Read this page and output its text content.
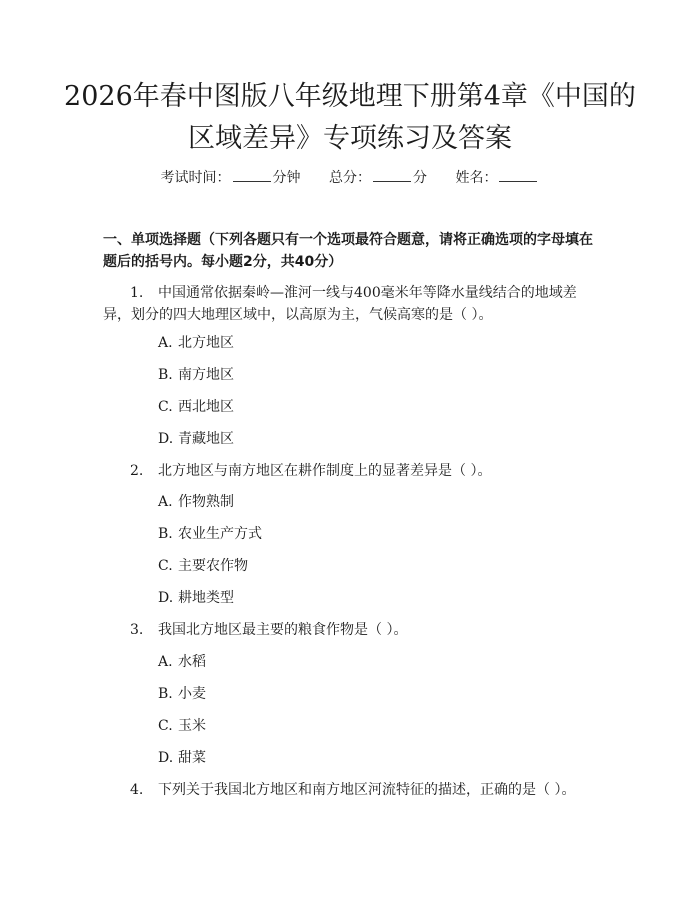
2026年春中图版八年级地理下册第4章《中国的区域差异》专项练习及答案
考试时间：	分钟 总分：	分 姓名：

一、单项选择题（下列各题只有一个选项最符合题意，请将正确选项的字母填在题后的括号内。每小题2分，共40分）

1. 中国通常依据秦岭—淮河一线与400毫米年等降水量线结合的地域差异，划分的四大地理区域中，以高原为主，气候高寒的是（ ）。

A. 北方地区
B. 南方地区
C. 西北地区
D. 青藏地区

2. 北方地区与南方地区在耕作制度上的显著差异是（ ）。

A. 作物熟制
B. 农业生产方式
C. 主要农作物
D. 耕地类型

3. 我国北方地区最主要的粮食作物是（ ）。

A. 水稻
B. 小麦
C. 玉米
D. 甜菜

4. 下列关于我国北方地区和南方地区河流特征的描述，正确的是（ ）。
